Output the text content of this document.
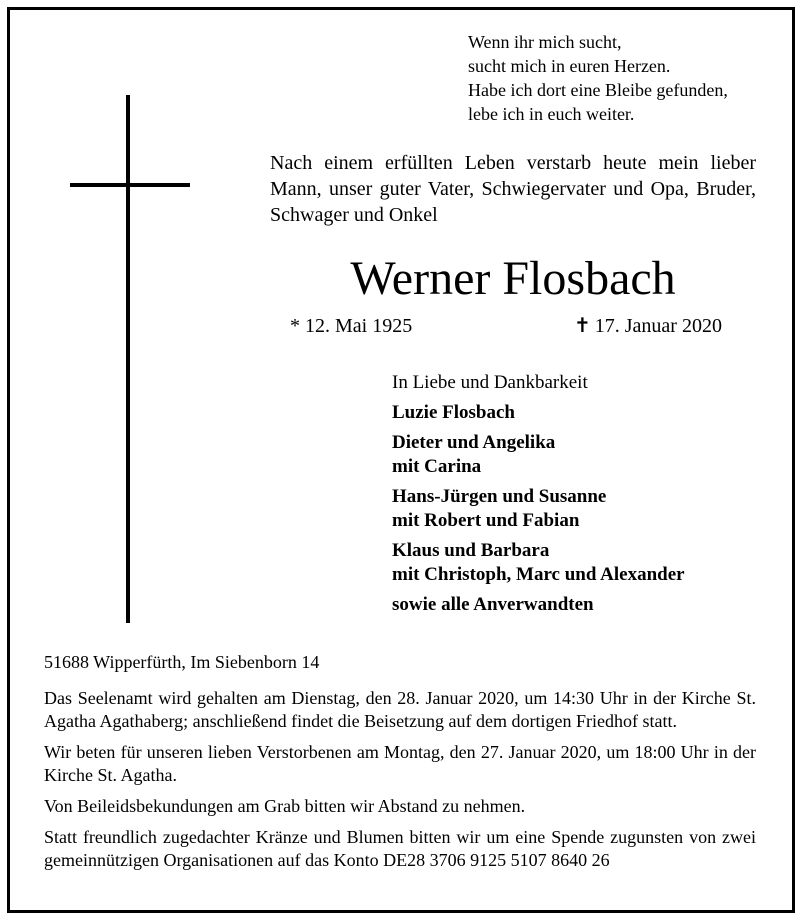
Wenn ihr mich sucht,
sucht mich in euren Herzen.
Habe ich dort eine Bleibe gefunden,
lebe ich in euch weiter.
Nach einem erfüllten Leben verstarb heute mein lieber Mann, unser guter Vater, Schwiegervater und Opa, Bruder, Schwager und Onkel
Werner Flosbach
* 12. Mai 1925	✝ 17. Januar 2020
In Liebe und Dankbarkeit
Luzie Flosbach
Dieter und Angelika
mit Carina
Hans-Jürgen und Susanne
mit Robert und Fabian
Klaus und Barbara
mit Christoph, Marc und Alexander
sowie alle Anverwandten
51688 Wipperfürth, Im Siebenborn 14

Das Seelenamt wird gehalten am Dienstag, den 28. Januar 2020, um 14:30 Uhr in der Kirche St. Agatha Agathaberg; anschließend findet die Beisetzung auf dem dortigen Friedhof statt.

Wir beten für unseren lieben Verstorbenen am Montag, den 27. Januar 2020, um 18:00 Uhr in der Kirche St. Agatha.

Von Beileidsbekundungen am Grab bitten wir Abstand zu nehmen.

Statt freundlich zugedachter Kränze und Blumen bitten wir um eine Spende zugunsten von zwei gemeinnützigen Organisationen auf das Konto DE28 3706 9125 5107 8640 26
